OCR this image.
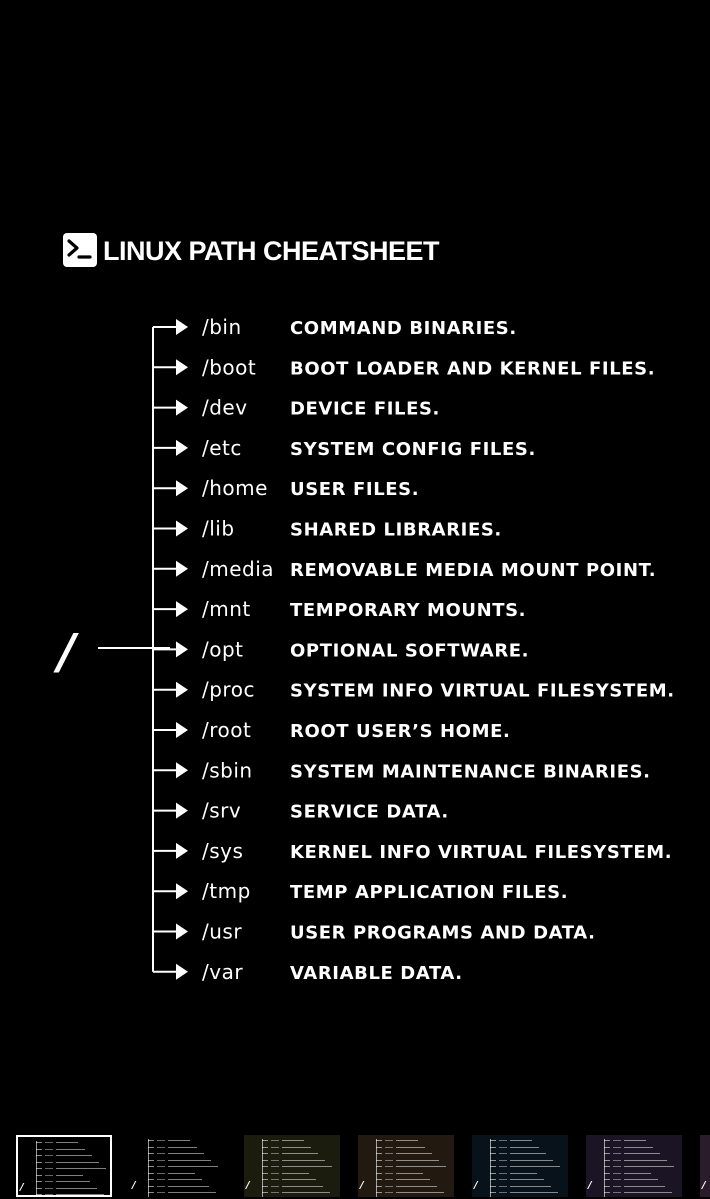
LINUX PATH CHEATSHEET
/
/bin	COMMAND BINARIES.
/boot BOOT LOADER AND KERNEL FILES.
/dev DEVICE FILES.
/etc	SYSTEM CONFIG FILES.
/home USER FILES.
/lib	SHARED LIBRARIES.
/media REMOVABLE MEDIA MOUNT POINT.
/mnt TEMPORARY MOUNTS.
/opt	OPTIONAL SOFTWARE.
/proc SYSTEM INFO VIRTUAL FILESYSTEM.
/root ROOT USER’S HOME.
/sbin SYSTEM MAINTENANCE BINARIES.
/srv	SERVICE DATA.
/sys	KERNEL INFO VIRTUAL FILESYSTEM.
/tmp TEMP APPLICATION FILES.
/usr	USER PROGRAMS AND DATA.
/var	VARIABLE DATA.
/	/	/	/	/	/	/
